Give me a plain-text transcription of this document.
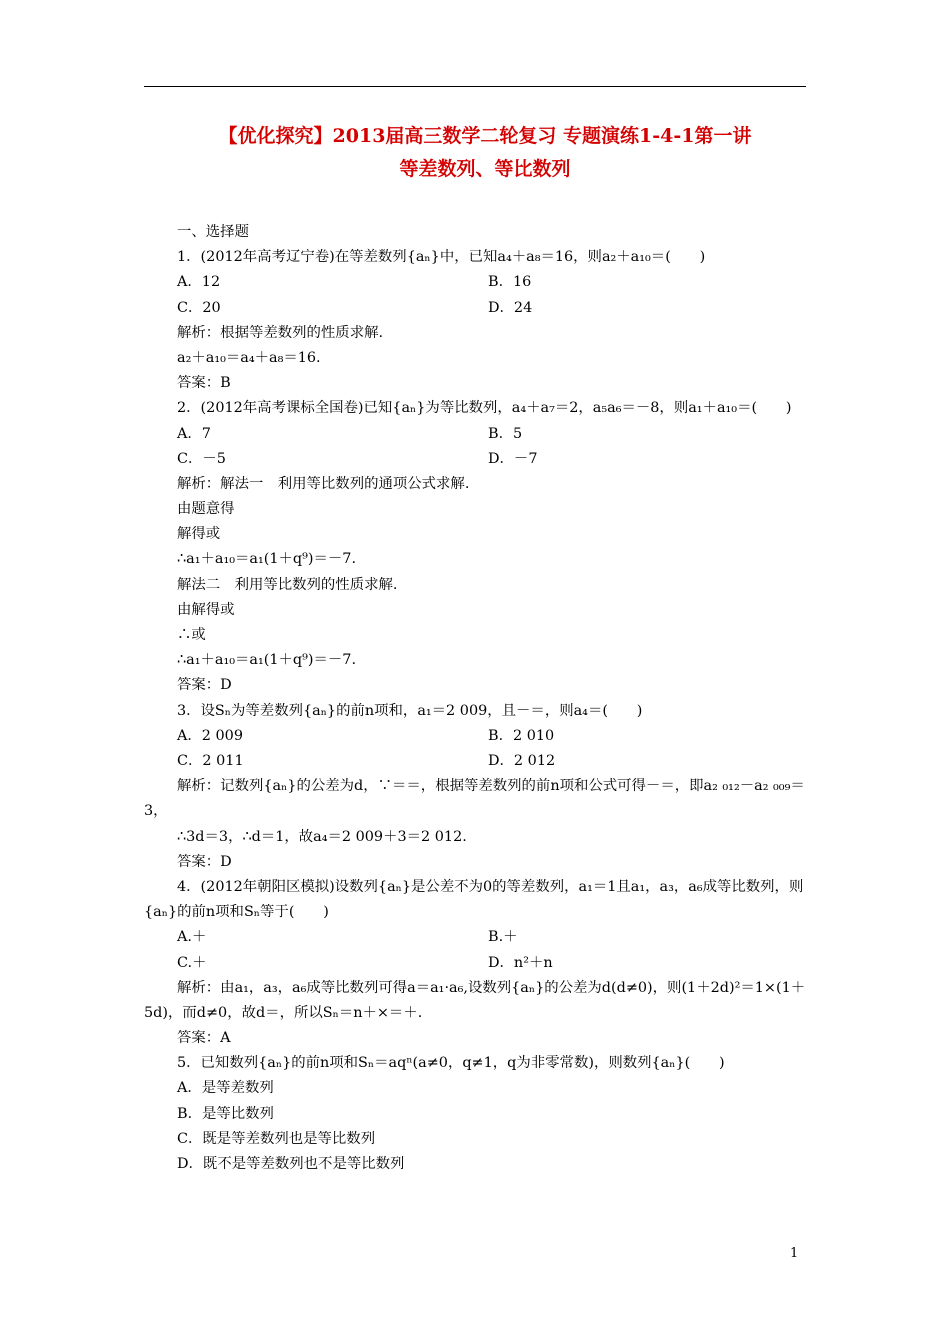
【优化探究】2013届高三数学二轮复习 专题演练1-4-1第一讲
等差数列、等比数列
一、选择题
1．(2012年高考辽宁卷)在等差数列{aₙ}中，已知a₄＋a₈＝16，则a₂＋a₁₀＝(　　)
A．12	B．16
C．20	D．24
解析：根据等差数列的性质求解.
a₂＋a₁₀＝a₄＋a₈＝16.
答案：B
2．(2012年高考课标全国卷)已知{aₙ}为等比数列，a₄＋a₇＝2，a₅a₆＝－8，则a₁＋a₁₀＝(　　)
A．7	B．5
C．－5	D．－7
解析：解法一　利用等比数列的通项公式求解.
由题意得
解得或
∴a₁＋a₁₀＝a₁(1＋q⁹)＝－7.
解法二　利用等比数列的性质求解.
由解得或
∴或
∴a₁＋a₁₀＝a₁(1＋q⁹)＝－7.
答案：D
3．设Sₙ为等差数列{aₙ}的前n项和，a₁＝2 009，且－＝，则a₄＝(　　)
A．2 009	B．2 010
C．2 011	D．2 012
解析：记数列{aₙ}的公差为d，∵＝＝，根据等差数列的前n项和公式可得－＝，即a₂ ₀₁₂－a₂ ₀₀₉＝3，
∴3d＝3，∴d＝1，故a₄＝2 009＋3＝2 012.
答案：D
4．(2012年朝阳区模拟)设数列{aₙ}是公差不为0的等差数列，a₁＝1且a₁，a₃，a₆成等比数列，则{aₙ}的前n项和Sₙ等于(　　)
A.＋	B.＋
C.＋	D．n²＋n
解析：由a₁，a₃，a₆成等比数列可得a＝a₁·a₆,设数列{aₙ}的公差为d(d≠0)，则(1＋2d)²＝1×(1＋5d)，而d≠0，故d＝，所以Sₙ＝n＋×＝＋.
答案：A
5．已知数列{aₙ}的前n项和Sₙ＝aqⁿ(a≠0，q≠1，q为非零常数)，则数列{aₙ}(　　)
A．是等差数列
B．是等比数列
C．既是等差数列也是等比数列
D．既不是等差数列也不是等比数列
1
